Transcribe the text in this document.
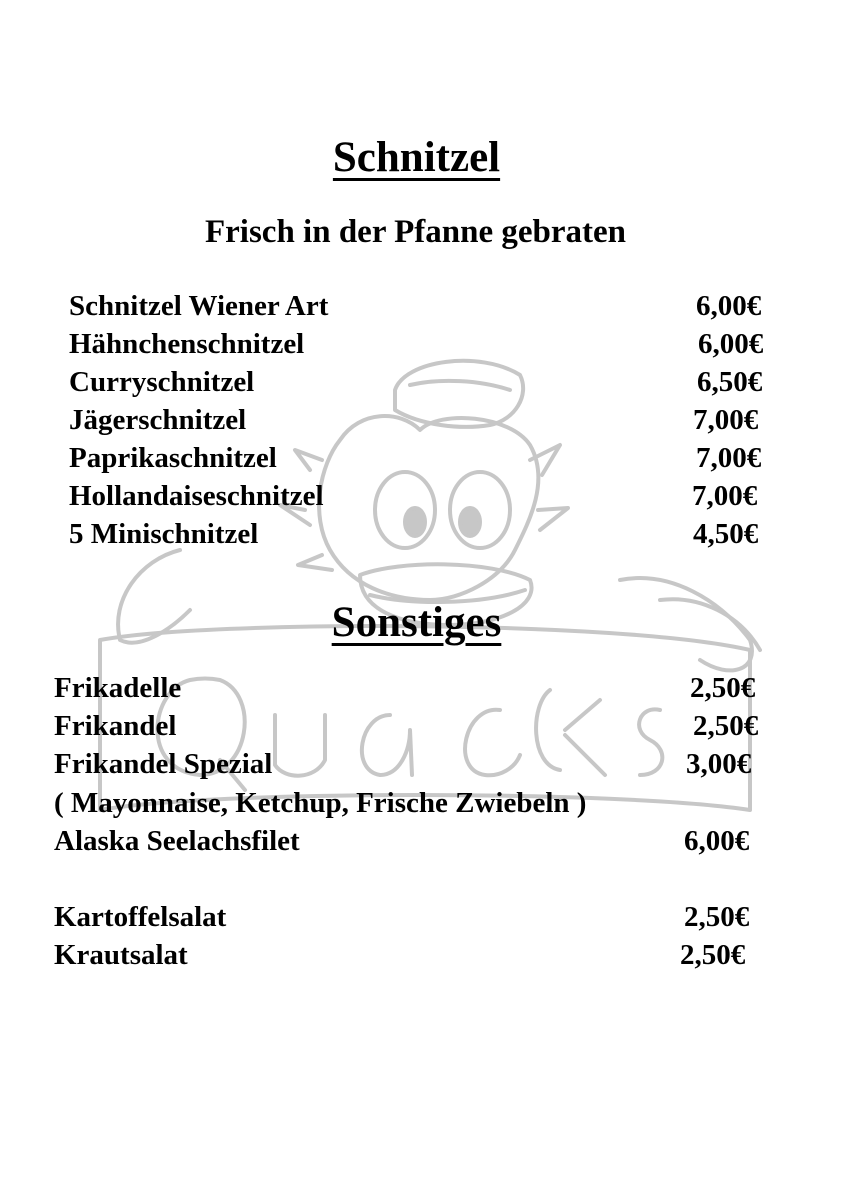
Schnitzel
Frisch in der Pfanne gebraten
Schnitzel Wiener Art	6,00€
Hähnchenschnitzel	6,00€
Curryschnitzel	6,50€
Jägerschnitzel	7,00€
Paprikaschnitzel	7,00€
Hollandaiseschnitzel	7,00€
5 Minischnitzel	4,50€
Sonstiges
Frikadelle	2,50€
Frikandel	2,50€
Frikandel Spezial	3,00€
( Mayonnaise, Ketchup, Frische Zwiebeln )
Alaska Seelachsfilet	6,00€
Kartoffelsalat	2,50€
Krautsalat	2,50€
